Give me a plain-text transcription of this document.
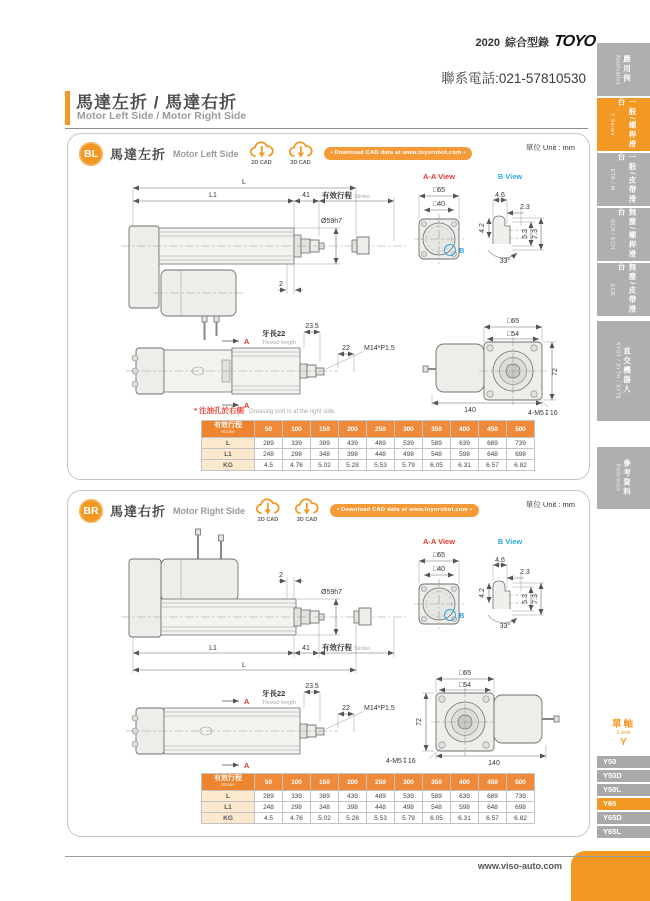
2020 綜合型錄 TOYO
聯系電話:021-57810530
馬達左折 / 馬達右折
Motor Left Side / Motor Right Side
BL 馬達左折 Motor Left Side
2D CAD	3D CAD
• Download CAD data at www.toyorobot.com •
單位 Unit : mm
L
L1	41 有效行程 Stroke
Ø59h7
2
A-A View
□65
□40
B
B View
4.6
2.3
4.2
5.3 7.3
33°
A
A
牙長22
Thread length
23.5
22 M14*P1.5
□65
□54
72
140	4-M5↧16
* 注油孔於右側 Greasing port is at the right side.
有效行程
Stroke	50	100	150	200	250	300	350	400	450	500
L	289	339	389	439	489	539	589	639	689	739
L1	248	298	348	398	448	498	548	598	648	698
KG	4.5	4.76	5.02	5.28	5.53	5.79	6.05	6.31	6.57	6.82
BR 馬達右折 Motor Right Side
2D CAD	3D CAD
• Download CAD data at www.toyorobot.com •
單位 Unit : mm
2
Ø59h7
L1	41 有效行程 Stroke
L
A-A View
□65
□40
B
B View
4.6
2.3
4.2
5.3 7.3
33°
A
A
牙長22
Thread length
23.5
22 M14*P1.5
□65
□54
72
140
4-M5↧16
有效行程
Stroke	50	100	150	200	250	300	350	400	450	500
L	289	339	389	439	489	539	589	639	689	739
L1	248	298	348	398	448	498	548	598	648	698
KG	4.5	4.76	5.02	5.28	5.53	5.79	6.05	6.31	6.57	6.82
Application 應用例
Y Series	一般/螺桿滑台
ETB / M	一般/皮帶滑台
GCH / ECH	無塵/螺桿滑台
ECB	無塵/皮帶滑台
XYGT / XYTH / XYTB 直交機器人
Reference 參考資料
單軸
1 axis
Y
Y50
Y50D
Y50L
Y65
Y65D
Y65L
www.viso-auto.com
